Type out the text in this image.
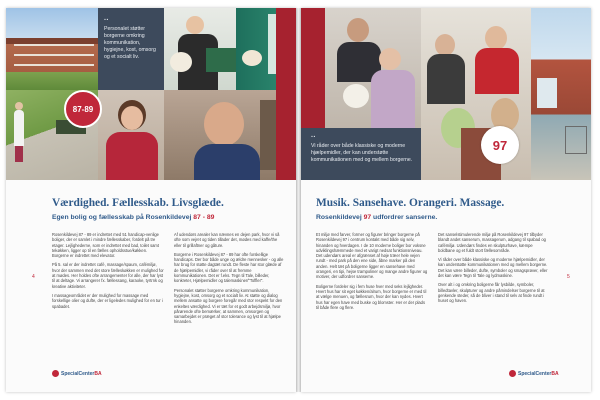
··
Personalet støtter borgerne omkring kommunikation, hygiejne, kost, omsorg og et socialt liv.
87-89
Værdighed. Fællesskab. Livsglæde.
Egen bolig og fællesskab på Rosenkildevej 87 - 89

Rosenkildevej 87 - 89 er indrettet med 51 handicap-venlige boliger, der er samlet i mindre fællesskaber, fordelt på tre etager. Lejlighederne, som er indrettet med bad, toilet samt tekøkken, ligger op til en fælles opholdsstue/køkken. Borgerne er indrettet med elevator.

På 5. sal er der indrettet café, massage/spaum, cafémiljø, hvor der sammen med det store fælleskøkken er mulighed for at mødes. Her holdes ofte arrangementer for alle, der har lyst til at deltage. Vi arrangerer fx. fællessang, karaoke, tyrtrnk og kreative aktiviteter.

I massageområdet er der mulighed for massage med forskellige olier og dufte, der er ligeledes mulighed for en tur i spabadet.

Af udendørs arealer kan nævnes en dejen park, hvor vi så ofte som vejret og tiden tillader det, mødes med kaffe/the eller til grillaftner og gåture.

Borgerne i Rosenkildevej 87 - 89 har ofte forskellige handicaps. Der bor både unge og ældre mennesker - og alle har brug for støtte dagtæt rundt. De fleste har stor glæde af de hjælpemidler, vi råder over til at fremme kommunikationen. Det er f.eks. Tegn til Tale, billeder, konkreter, Hjælpemidler og talemaskiner/"Toffler".

Personalet støtter borgerne omkring kommunikation, hygiejne, kost, omsorg og et socialt liv. At støtte og dialog mellem ansatte og borgere foregår med stor respekt for den enkeltes værdighed. Vi er tæt for et godt arbejdsmiljø, hvor pårørende ofte bemærker, at sammen, omsorgen og samarbejdet er præget af stor tolerance og lyst til at hjælpe hinanden.

4
SpecialCenterBA
··
Vi råder over både klassiske og moderne hjælpemidler, der kan understøtte kommunikationen med og mellem borgerne.
97
Musik. Sansehave. Orangeri. Massage.
Rosenkildevej 97 udfordrer sanserne.

Et miljø med farver, former og figurer bringer borgerne på Rosenkildevej 97 i centrum kontakt med både sig selv, hinanden og hverdagen. I de 10 moderne boliger bor voksne udviklingshæmmede med et varigt nedsat funktionsniveau. Det udendørs areal er afgrænset af høje træer hele vejen rundt - med park på den ene side, åbne marker på den anden. Helt tæt på boligerne ligger en sansehave med orangeri, en tipi, hejse trampoliner og mange andre figurer og motiver, der udfordrer sanserne.

Boligerne fordeler sig i fem huse hver med seks lejligheder. Hvert hus har sit eget køkken/alrum, hvor borgerne er med til at vælge menuen, og fællesrum, hvor der kan nydes. Hvert hus har egen have med buske og blomster. Her er der plads til både flere og flere.

Det sanselstimulerende miljø på Rosenkildevej 97 tilbyder blandt andet sanserum, massagerum, adgang til spabad og cafémiljø. Udendørs findes en skulpturhave, kæmpe boldbane og et fuldt stort fællesområde.

Vi råder over både klassiske og moderne hjælpemidler, der kan understøtte kommunikationen med og mellem borgerne. Det kan være billeder, dufte, symboler og smagsprøver, eller det kan være Tegn til Tale og lydmaskine.

Over alt i og omkring boligerne får lysbilde, symboler, billedtavler, skulpturer og andre påmindelser borgerne til at genkende steder, så de bliver i stand til selv at finde rundt i huset og haven.

5
SpecialCenterBA
